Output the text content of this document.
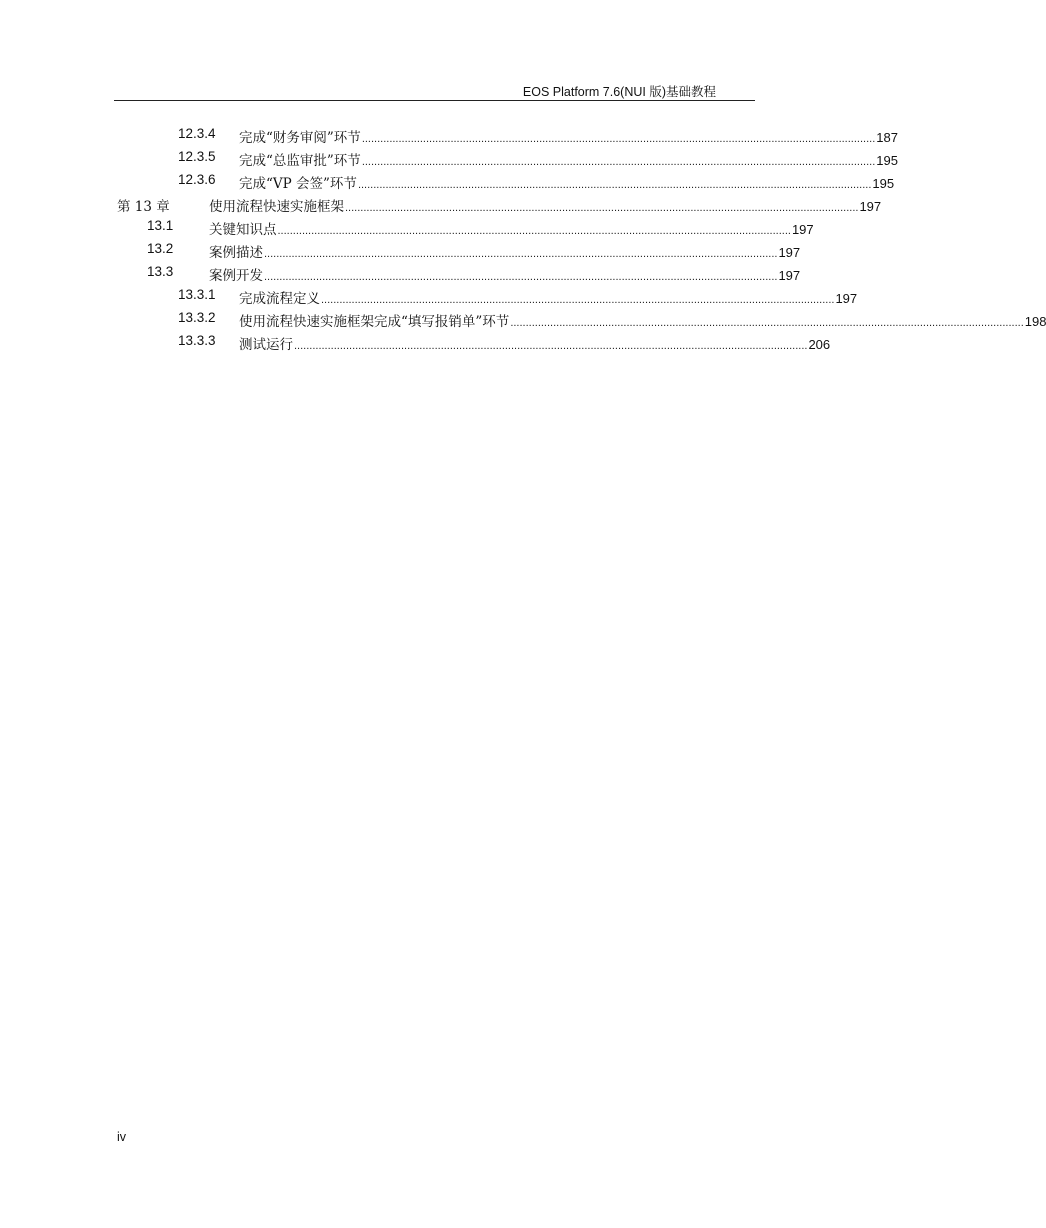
EOS Platform 7.6(NUI 版)基础教程
12.3.4 完成“财务审阅”环节 ........................................................................................................................................................................ 187
12.3.5 完成“总监审批”环节 ........................................................................................................................................................................ 195
12.3.6 完成“VP 会签”环节 ........................................................................................................................................................................ 195
第 13 章	使用流程快速实施框架 ........................................................................................................................................................................ 197
13.1	关键知识点 ........................................................................................................................................................................ 197
13.2	案例描述 ........................................................................................................................................................................ 197
13.3	案例开发 ........................................................................................................................................................................ 197
13.3.1 完成流程定义 ........................................................................................................................................................................ 197
13.3.2 使用流程快速实施框架完成“填写报销单”环节 ........................................................................................................................................................................ 198
13.3.3 测试运行 ........................................................................................................................................................................ 206
iv
